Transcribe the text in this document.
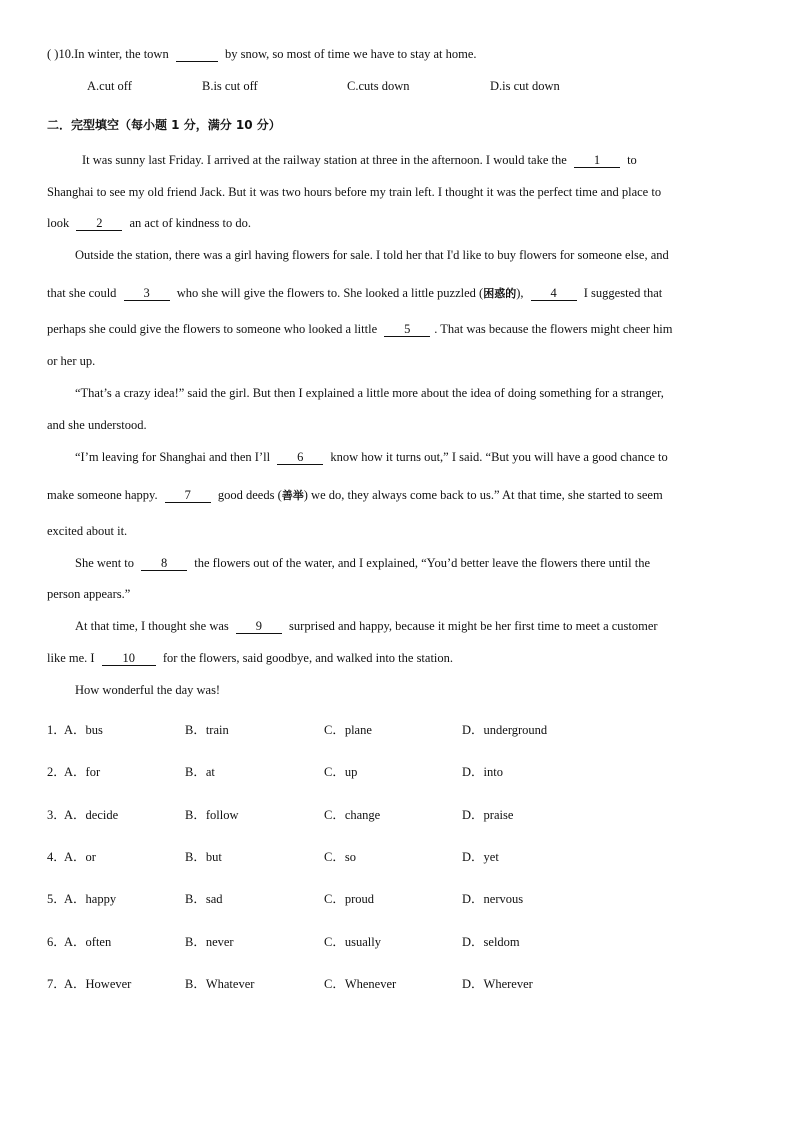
( )10.In winter, the town	by snow, so most of time we have to stay at home.
A.cut off	B.is cut off	C.cuts down	D.is cut down
二．完型填空（每小题 1 分，满分 10 分）
It was sunny last Friday. I arrived at the railway station at three in the afternoon. I would take the 1 to
Shanghai to see my old friend Jack. But it was two hours before my train left. I thought it was the perfect time and place to
look 2 an act of kindness to do.
Outside the station, there was a girl having flowers for sale. I told her that I'd like to buy flowers for someone else, and
that she could 3 who she will give the flowers to. She looked a little puzzled (困惑的), 4 I suggested that
perhaps she could give the flowers to someone who looked a little 5 . That was because the flowers might cheer him
or her up.
“That’s a crazy idea!” said the girl. But then I explained a little more about the idea of doing something for a stranger,
and she understood.
“I’m leaving for Shanghai and then I’ll 6 know how it turns out,” I said. “But you will have a good chance to
make someone happy. 7 good deeds (善举) we do, they always come back to us.” At that time, she started to seem
excited about it.
She went to 8 the flowers out of the water, and I explained, “You’d better leave the flowers there until the
person appears.”
At that time, I thought she was 9 surprised and happy, because it might be her first time to meet a customer
like me. I 10 for the flowers, said goodbye, and walked into the station.
How wonderful the day was!
1．
A．bus	B．train	C．plane	D．underground
2．
A．for	B．at	C．up	D．into
3．
A．decide	B．follow	C．change	D．praise
4．
A．or	B．but	C．so	D．yet
5．
A．happy	B．sad	C．proud	D．nervous
6．
A．often	B．never	C．usually	D．seldom
7．
A．However	B．Whatever	C．Whenever	D．Wherever
